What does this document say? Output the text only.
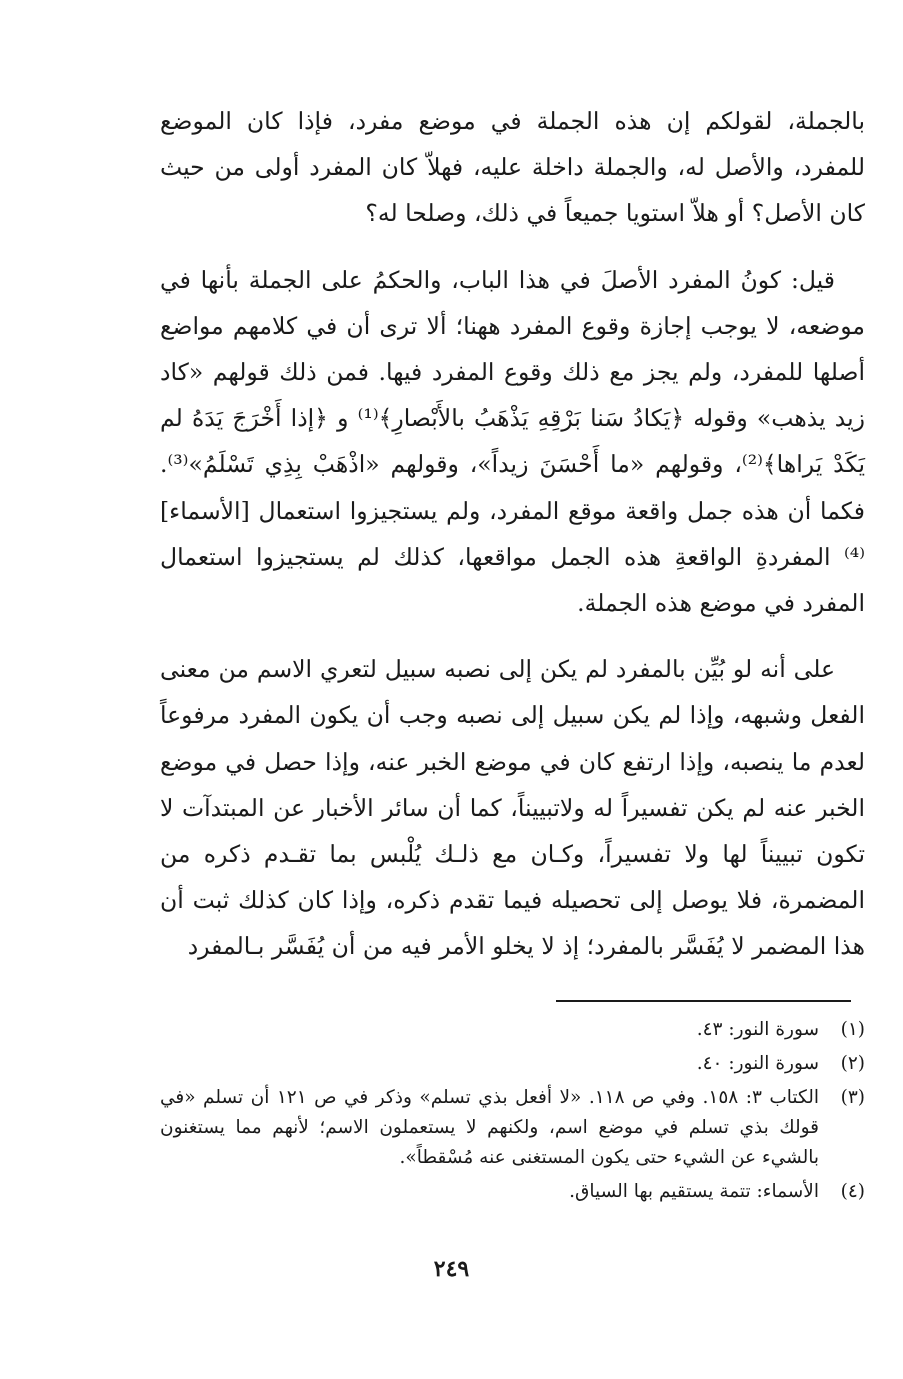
بالجملة، لقولكم إن هذه الجملة في موضع مفرد، فإذا كان الموضع للمفرد، والأصل له، والجملة داخلة عليه، فهلاّ كان المفرد أولى من حيث كان الأصل؟ أو هلاّ استويا جميعاً في ذلك، وصلحا له؟

قيل: كونُ المفرد الأصلَ في هذا الباب، والحكمُ على الجملة بأنها في موضعه، لا يوجب إجازة وقوع المفرد ههنا؛ ألا ترى أن في كلامهم مواضع أصلها للمفرد، ولم يجز مع ذلك وقوع المفرد فيها. فمن ذلك قولهم «كاد زيد يذهب» وقوله ﴿يَكادُ سَنا بَرْقِهِ يَذْهَبُ بالأَبْصارِ﴾⁽¹⁾ و ﴿إذا أَخْرَجَ يَدَهُ لم يَكَدْ يَراها﴾⁽²⁾، وقولهم «ما أَحْسَنَ زيداً»، وقولهم «اذْهَبْ بِذِي تَسْلَمُ»⁽³⁾. فكما أن هذه جمل واقعة موقع المفرد، ولم يستجيزوا استعمال [الأسماء]⁽⁴⁾ المفردةِ الواقعةِ هذه الجمل مواقعها، كذلك لم يستجيزوا استعمال المفرد في موضع هذه الجملة.

على أنه لو بُيِّن بالمفرد لم يكن إلى نصبه سبيل لتعري الاسم من معنى الفعل وشبهه، وإذا لم يكن سبيل إلى نصبه وجب أن يكون المفرد مرفوعاً لعدم ما ينصبه، وإذا ارتفع كان في موضع الخبر عنه، وإذا حصل في موضع الخبر عنه لم يكن تفسيراً له ولاتبييناً، كما أن سائر الأخبار عن المبتدآت لا تكون تبييناً لها ولا تفسيراً، وكـان مع ذلـك يُلْبس بما تقـدم ذكره من المضمرة، فلا يوصل إلى تحصيله فيما تقدم ذكره، وإذا كان كذلك ثبت أن هذا المضمر لا يُفَسَّر بالمفرد؛ إذ لا يخلو الأمر فيه من أن يُفَسَّر بـالمفرد

(١)
سورة النور: ٤٣.
(٢)
سورة النور: ٤٠.
(٣)
الكتاب ٣: ١٥٨. وفي ص ١١٨. «لا أفعل بذي تسلم» وذكر في ص ١٢١ أن تسلم «في قولك بذي تسلم في موضع اسم، ولكنهم لا يستعملون الاسم؛ لأنهم مما يستغنون بالشيء عن الشيء حتى يكون المستغنى عنه مُسْقطاً».
(٤)
الأسماء: تتمة يستقيم بها السياق.
٢٤٩
